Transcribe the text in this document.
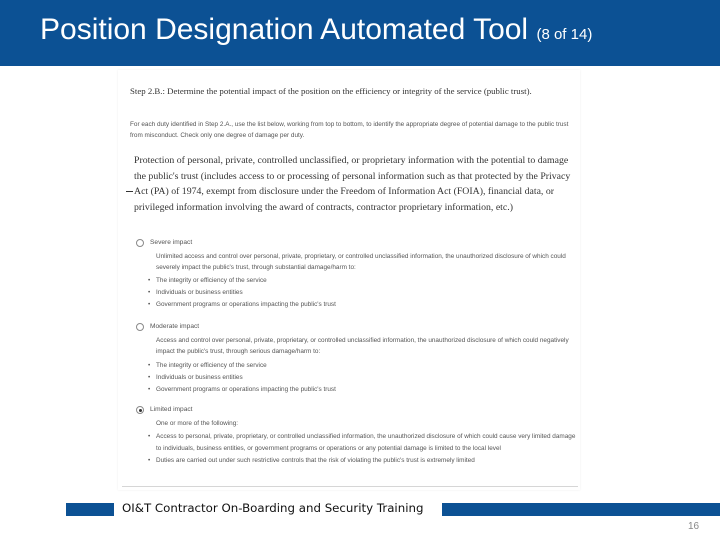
Position Designation Automated Tool (8 of 14)
Step 2.B.: Determine the potential impact of the position on the efficiency or integrity of the service (public trust).
For each duty identified in Step 2.A., use the list below, working from top to bottom, to identify the appropriate degree of potential damage to the public trust from misconduct. Check only one degree of damage per duty.
Protection of personal, private, controlled unclassified, or proprietary information with the potential to damage the public's trust (includes access to or processing of personal information such as that protected by the Privacy Act (PA) of 1974, exempt from disclosure under the Freedom of Information Act (FOIA), financial data, or privileged information involving the award of contracts, contractor proprietary information, etc.)
Severe impact
Unlimited access and control over personal, private, proprietary, or controlled unclassified information, the unauthorized disclosure of which could severely impact the public's trust, through substantial damage/harm to:
• The integrity or efficiency of the service
• Individuals or business entities
• Government programs or operations impacting the public's trust
Moderate impact
Access and control over personal, private, proprietary, or controlled unclassified information, the unauthorized disclosure of which could negatively impact the public's trust, through serious damage/harm to:
• The integrity or efficiency of the service
• Individuals or business entities
• Government programs or operations impacting the public's trust
Limited impact
One or more of the following:
• Access to personal, private, proprietary, or controlled unclassified information, the unauthorized disclosure of which could cause very limited damage to individuals, business entities, or government programs or operations or any potential damage is limited to the local level
• Duties are carried out under such restrictive controls that the risk of violating the public's trust is extremely limited
OI&T Contractor On-Boarding and Security Training
16
